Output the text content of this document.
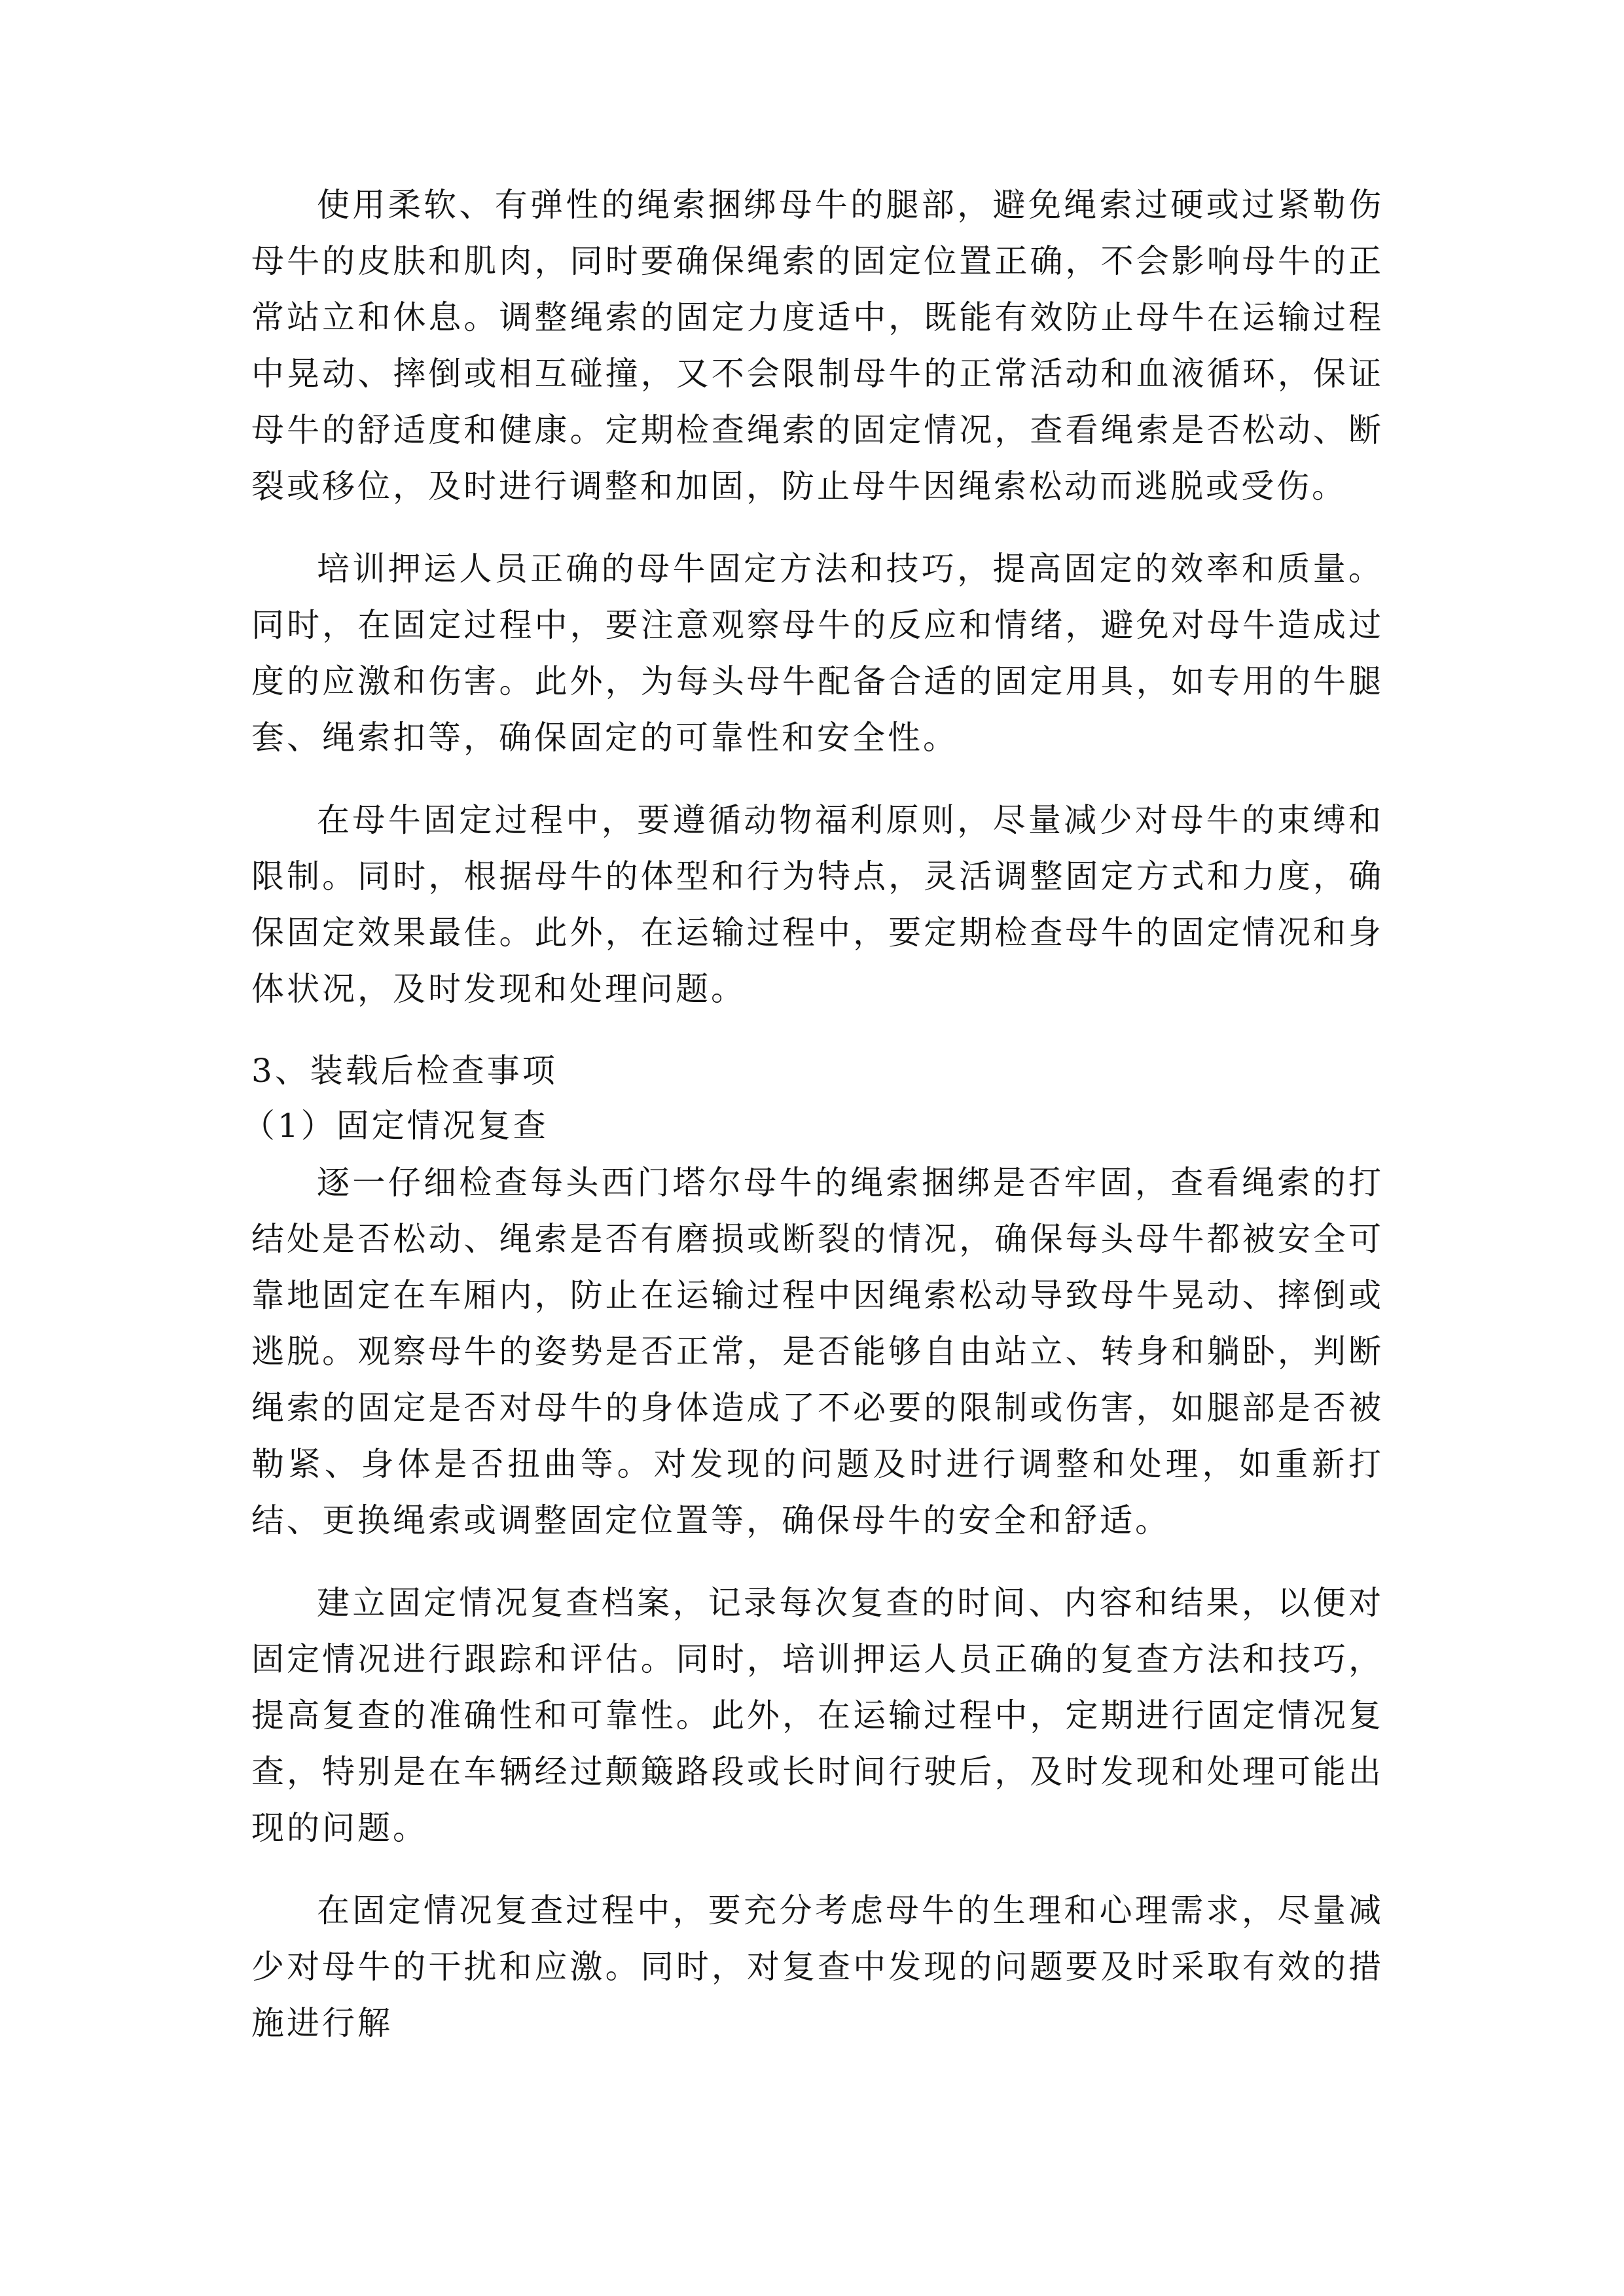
使用柔软、有弹性的绳索捆绑母牛的腿部，避免绳索过硬或过紧勒伤母牛的皮肤和肌肉，同时要确保绳索的固定位置正确，不会影响母牛的正常站立和休息。调整绳索的固定力度适中，既能有效防止母牛在运输过程中晃动、摔倒或相互碰撞，又不会限制母牛的正常活动和血液循环，保证母牛的舒适度和健康。定期检查绳索的固定情况，查看绳索是否松动、断裂或移位，及时进行调整和加固，防止母牛因绳索松动而逃脱或受伤。

培训押运人员正确的母牛固定方法和技巧，提高固定的效率和质量。同时，在固定过程中，要注意观察母牛的反应和情绪，避免对母牛造成过度的应激和伤害。此外，为每头母牛配备合适的固定用具，如专用的牛腿套、绳索扣等，确保固定的可靠性和安全性。

在母牛固定过程中，要遵循动物福利原则，尽量减少对母牛的束缚和限制。同时，根据母牛的体型和行为特点，灵活调整固定方式和力度，确保固定效果最佳。此外，在运输过程中，要定期检查母牛的固定情况和身体状况，及时发现和处理问题。

3、装载后检查事项

（1）固定情况复查

逐一仔细检查每头西门塔尔母牛的绳索捆绑是否牢固，查看绳索的打结处是否松动、绳索是否有磨损或断裂的情况，确保每头母牛都被安全可靠地固定在车厢内，防止在运输过程中因绳索松动导致母牛晃动、摔倒或逃脱。观察母牛的姿势是否正常，是否能够自由站立、转身和躺卧，判断绳索的固定是否对母牛的身体造成了不必要的限制或伤害，如腿部是否被勒紧、身体是否扭曲等。对发现的问题及时进行调整和处理，如重新打结、更换绳索或调整固定位置等，确保母牛的安全和舒适。

建立固定情况复查档案，记录每次复查的时间、内容和结果，以便对固定情况进行跟踪和评估。同时，培训押运人员正确的复查方法和技巧，提高复查的准确性和可靠性。此外，在运输过程中，定期进行固定情况复查，特别是在车辆经过颠簸路段或长时间行驶后，及时发现和处理可能出现的问题。

在固定情况复查过程中，要充分考虑母牛的生理和心理需求，尽量减少对母牛的干扰和应激。同时，对复查中发现的问题要及时采取有效的措施进行解
